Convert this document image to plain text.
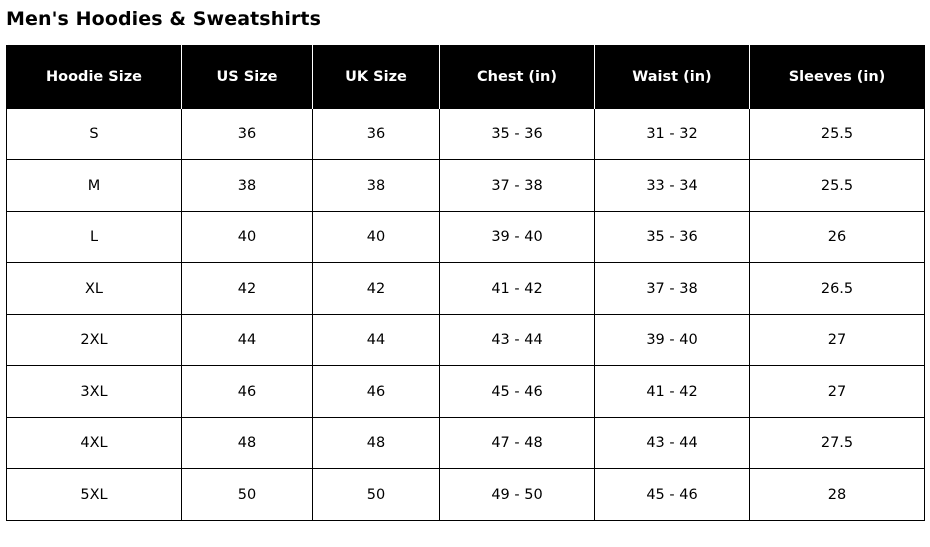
Men's Hoodies & Sweatshirts
Hoodie Size	US Size	UK Size	Chest (in)	Waist (in)	Sleeves (in)
S	36	36	35 - 36	31 - 32	25.5
M	38	38	37 - 38	33 - 34	25.5
L	40	40	39 - 40	35 - 36	26
XL	42	42	41 - 42	37 - 38	26.5
2XL	44	44	43 - 44	39 - 40	27
3XL	46	46	45 - 46	41 - 42	27
4XL	48	48	47 - 48	43 - 44	27.5
5XL	50	50	49 - 50	45 - 46	28
